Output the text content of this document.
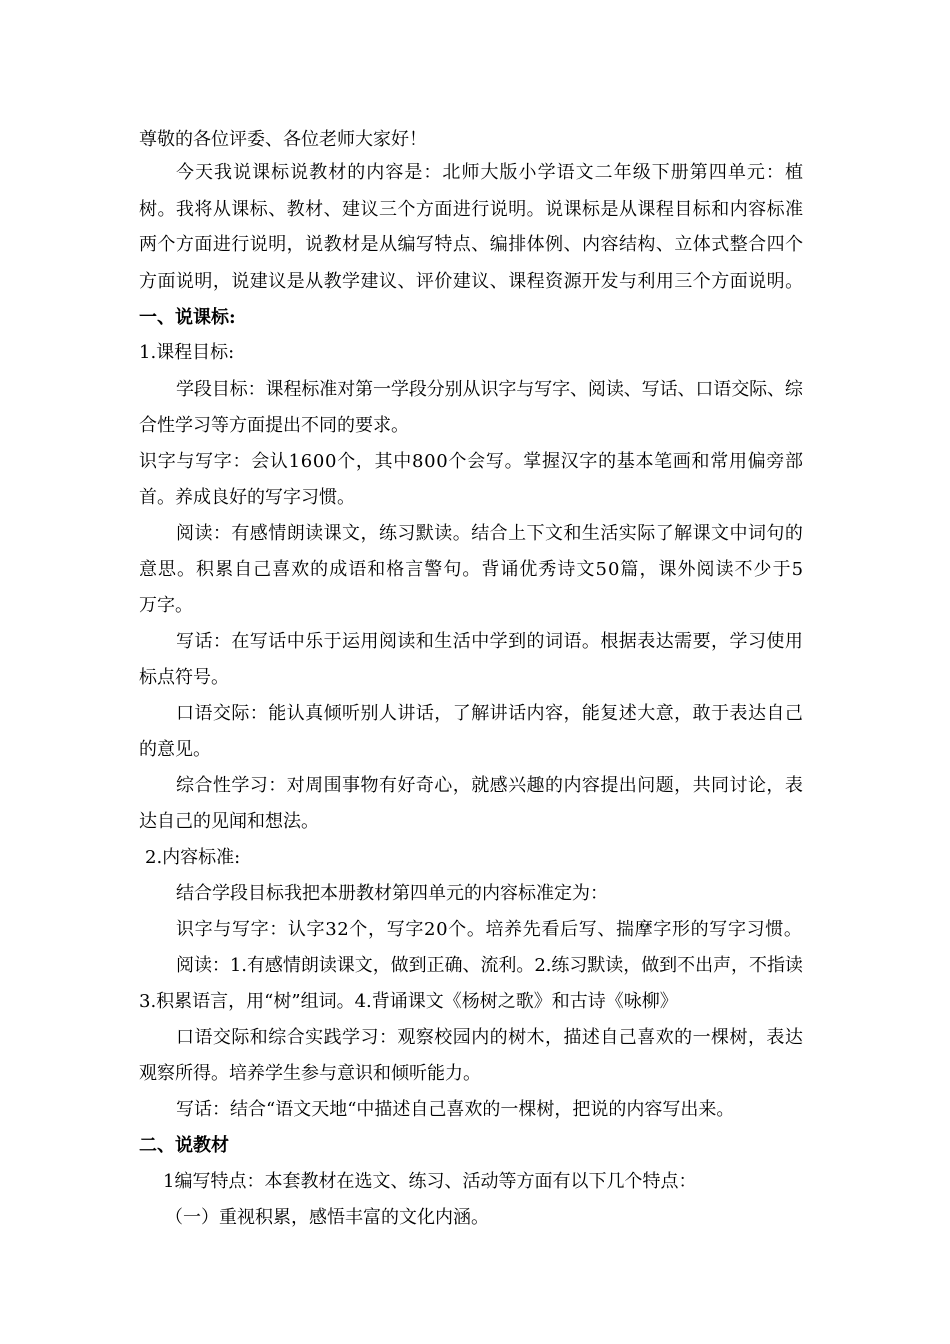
尊敬的各位评委、各位老师大家好！
今天我说课标说教材的内容是：北师大版小学语文二年级下册第四单元：植
树。我将从课标、教材、建议三个方面进行说明。说课标是从课程目标和内容标准
两个方面进行说明，说教材是从编写特点、编排体例、内容结构、立体式整合四个
方面说明，说建议是从教学建议、评价建议、课程资源开发与利用三个方面说明。
一、说课标:
1.课程目标:
学段目标：课程标准对第一学段分别从识字与写字、阅读、写话、口语交际、综
合性学习等方面提出不同的要求。
识字与写字：会认1600个，其中800个会写。掌握汉字的基本笔画和常用偏旁部
首。养成良好的写字习惯。
阅读：有感情朗读课文，练习默读。结合上下文和生活实际了解课文中词句的
意思。积累自己喜欢的成语和格言警句。背诵优秀诗文50篇，课外阅读不少于5
万字。
写话：在写话中乐于运用阅读和生活中学到的词语。根据表达需要，学习使用
标点符号。
口语交际：能认真倾听别人讲话，了解讲话内容，能复述大意，敢于表达自己
的意见。
综合性学习：对周围事物有好奇心，就感兴趣的内容提出问题，共同讨论，表
达自己的见闻和想法。
2.内容标准:
结合学段目标我把本册教材第四单元的内容标准定为：
识字与写字：认字32个，写字20个。培养先看后写、揣摩字形的写字习惯。
阅读：1.有感情朗读课文，做到正确、流利。2.练习默读，做到不出声，不指读
3.积累语言，用“树”组词。4.背诵课文《杨树之歌》和古诗《咏柳》
口语交际和综合实践学习：观察校园内的树木，描述自己喜欢的一棵树，表达
观察所得。培养学生参与意识和倾听能力。
写话：结合“语文天地“中描述自己喜欢的一棵树，把说的内容写出来。
二、说教材
1编写特点：本套教材在选文、练习、活动等方面有以下几个特点：
（一）重视积累，感悟丰富的文化内涵。
